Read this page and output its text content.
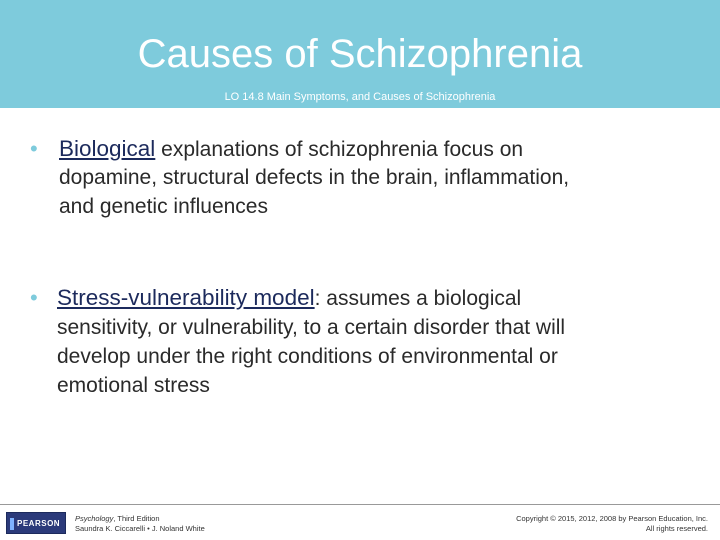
Causes of Schizophrenia
LO 14.8 Main Symptoms, and Causes of Schizophrenia
• Biological explanations of schizophrenia focus on
dopamine, structural defects in the brain, inflammation,
and genetic influences
• Stress-vulnerability model: assumes a biological
sensitivity, or vulnerability, to a certain disorder that will
develop under the right conditions of environmental or
emotional stress
PEARSON
Psychology, Third Edition
Saundra K. Ciccarelli • J. Noland White
Copyright © 2015, 2012, 2008 by Pearson Education, Inc.
All rights reserved.
